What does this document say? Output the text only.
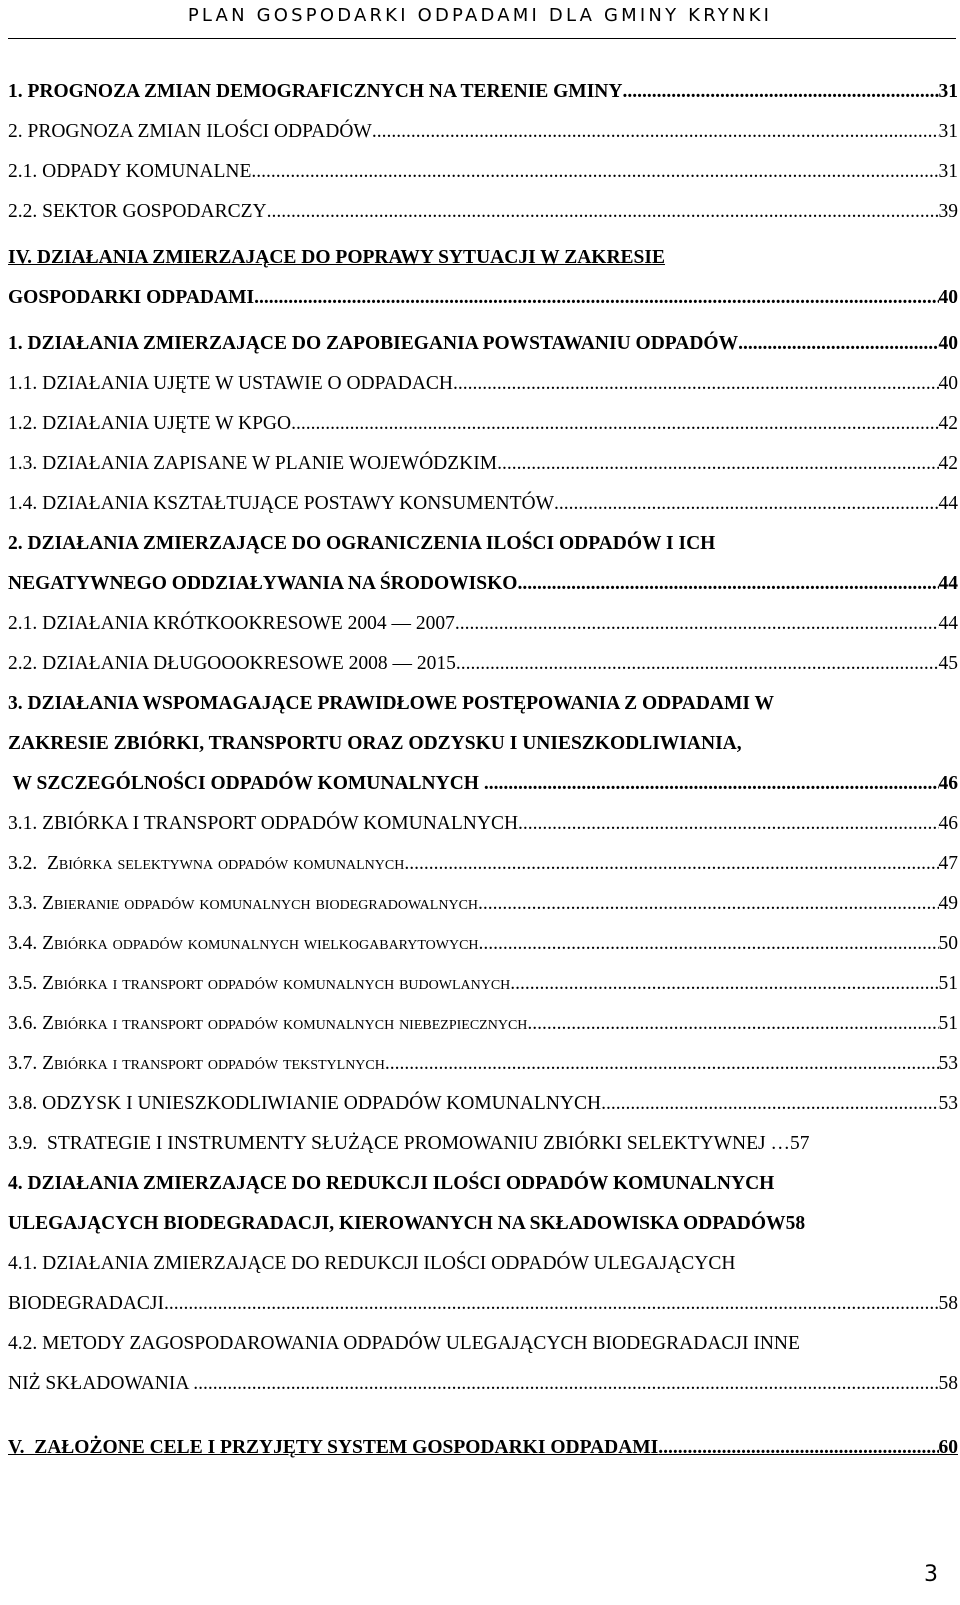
PLAN GOSPODARKI ODPADAMI DLA GMINY KRYNKI
1. PROGNOZA ZMIAN DEMOGRAFICZNYCH NA TERENIE GMINY .....	31
2. PROGNOZA ZMIAN ILOŚCI ODPADÓW .....	31
2.1. ODPADY KOMUNALNE .....	31
2.2. SEKTOR GOSPODARCZY .....	39
IV. DZIAŁANIA ZMIERZAJĄCE DO POPRAWY SYTUACJI W ZAKRESIE
GOSPODARKI ODPADAMI .....	40
1. DZIAŁANIA ZMIERZAJĄCE DO ZAPOBIEGANIA POWSTAWANIU ODPADÓW .....	40
1.1. DZIAŁANIA UJĘTE W USTAWIE O ODPADACH .....	40
1.2. DZIAŁANIA UJĘTE W KPGO .....	42
1.3. DZIAŁANIA ZAPISANE W PLANIE WOJEWÓDZKIM .....	42
1.4. DZIAŁANIA KSZTAŁTUJĄCE POSTAWY KONSUMENTÓW .....	44
2. DZIAŁANIA ZMIERZAJĄCE DO OGRANICZENIA ILOŚCI ODPADÓW I ICH
NEGATYWNEGO ODDZIAŁYWANIA NA ŚRODOWISKO .....	44
2.1. DZIAŁANIA KRÓTKOOKRESOWE 2004 — 2007 .....	44
2.2. DZIAŁANIA DŁUGOOOKRESOWE 2008 — 2015 .....	45
3. DZIAŁANIA WSPOMAGAJĄCE PRAWIDŁOWE POSTĘPOWANIA Z ODPADAMI W
ZAKRESIE ZBIÓRKI, TRANSPORTU ORAZ ODZYSKU I UNIESZKODLIWIANIA,
W SZCZEGÓLNOŚCI ODPADÓW KOMUNALNYCH .....	46
3.1. ZBIÓRKA I TRANSPORT ODPADÓW KOMUNALNYCH .....	46
3.2. Zbiórka selektywna odpadów komunalnych .....	47
3.3. Zbieranie odpadów komunalnych biodegradowalnych .....	49
3.4. Zbiórka odpadów komunalnych wielkogabarytowych .....	50
3.5. Zbiórka i transport odpadów komunalnych budowlanych .....	51
3.6. Zbiórka i transport odpadów komunalnych niebezpiecznych .....	51
3.7. Zbiórka i transport odpadów tekstylnych .....	53
3.8. ODZYSK I UNIESZKODLIWIANIE ODPADÓW KOMUNALNYCH .....	53
3.9.  STRATEGIE I INSTRUMENTY SŁUŻĄCE PROMOWANIU ZBIÓRKI SELEKTYWNEJ … 57
4. DZIAŁANIA ZMIERZAJĄCE DO REDUKCJI ILOŚCI ODPADÓW KOMUNALNYCH
ULEGAJĄCYCH BIODEGRADACJI, KIEROWANYCH NA SKŁADOWISKA ODPADÓW 58
4.1. DZIAŁANIA ZMIERZAJĄCE DO REDUKCJI ILOŚCI ODPADÓW ULEGAJĄCYCH
BIODEGRADACJI .....	58
4.2. METODY ZAGOSPODAROWANIA ODPADÓW ULEGAJĄCYCH BIODEGRADACJI INNE
NIŻ SKŁADOWANIA .....	58
V.  ZAŁOŻONE CELE I PRZYJĘTY SYSTEM GOSPODARKI ODPADAMI .....	60
3
